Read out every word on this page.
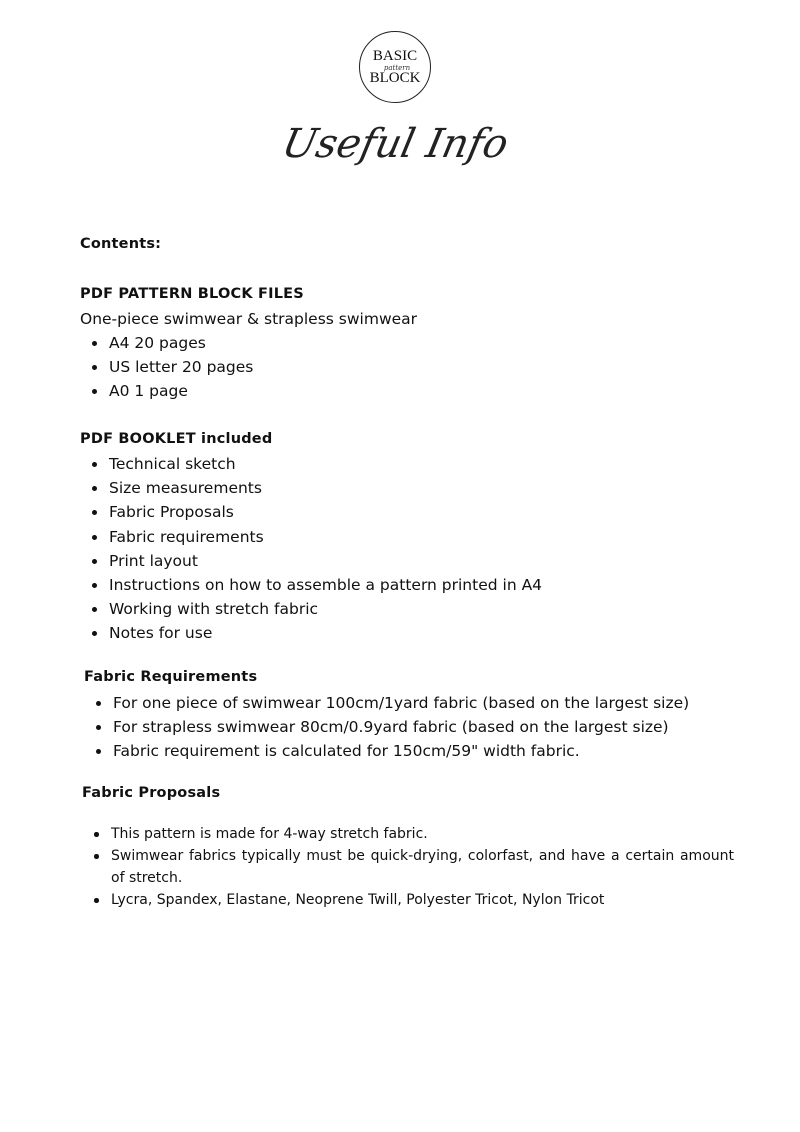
BASIC
pattern
BLOCK
Useful Info

Contents:

PDF PATTERN BLOCK FILES

One-piece swimwear & strapless swimwear

A4 20 pages
US letter 20 pages
A0 1 page

PDF BOOKLET included

Technical sketch
Size measurements
Fabric Proposals
Fabric requirements
Print layout
Instructions on how to assemble a pattern printed in A4
Working with stretch fabric
Notes for use

Fabric Requirements

For one piece of swimwear 100cm/1yard fabric (based on the largest size)
For strapless swimwear 80cm/0.9yard fabric (based on the largest size)
Fabric requirement is calculated for 150cm/59" width fabric.

Fabric Proposals

This pattern is made for 4-way stretch fabric.
Swimwear fabrics typically must be quick-drying, colorfast, and have a certain amount of stretch.
Lycra, Spandex, Elastane, Neoprene Twill, Polyester Tricot, Nylon Tricot
